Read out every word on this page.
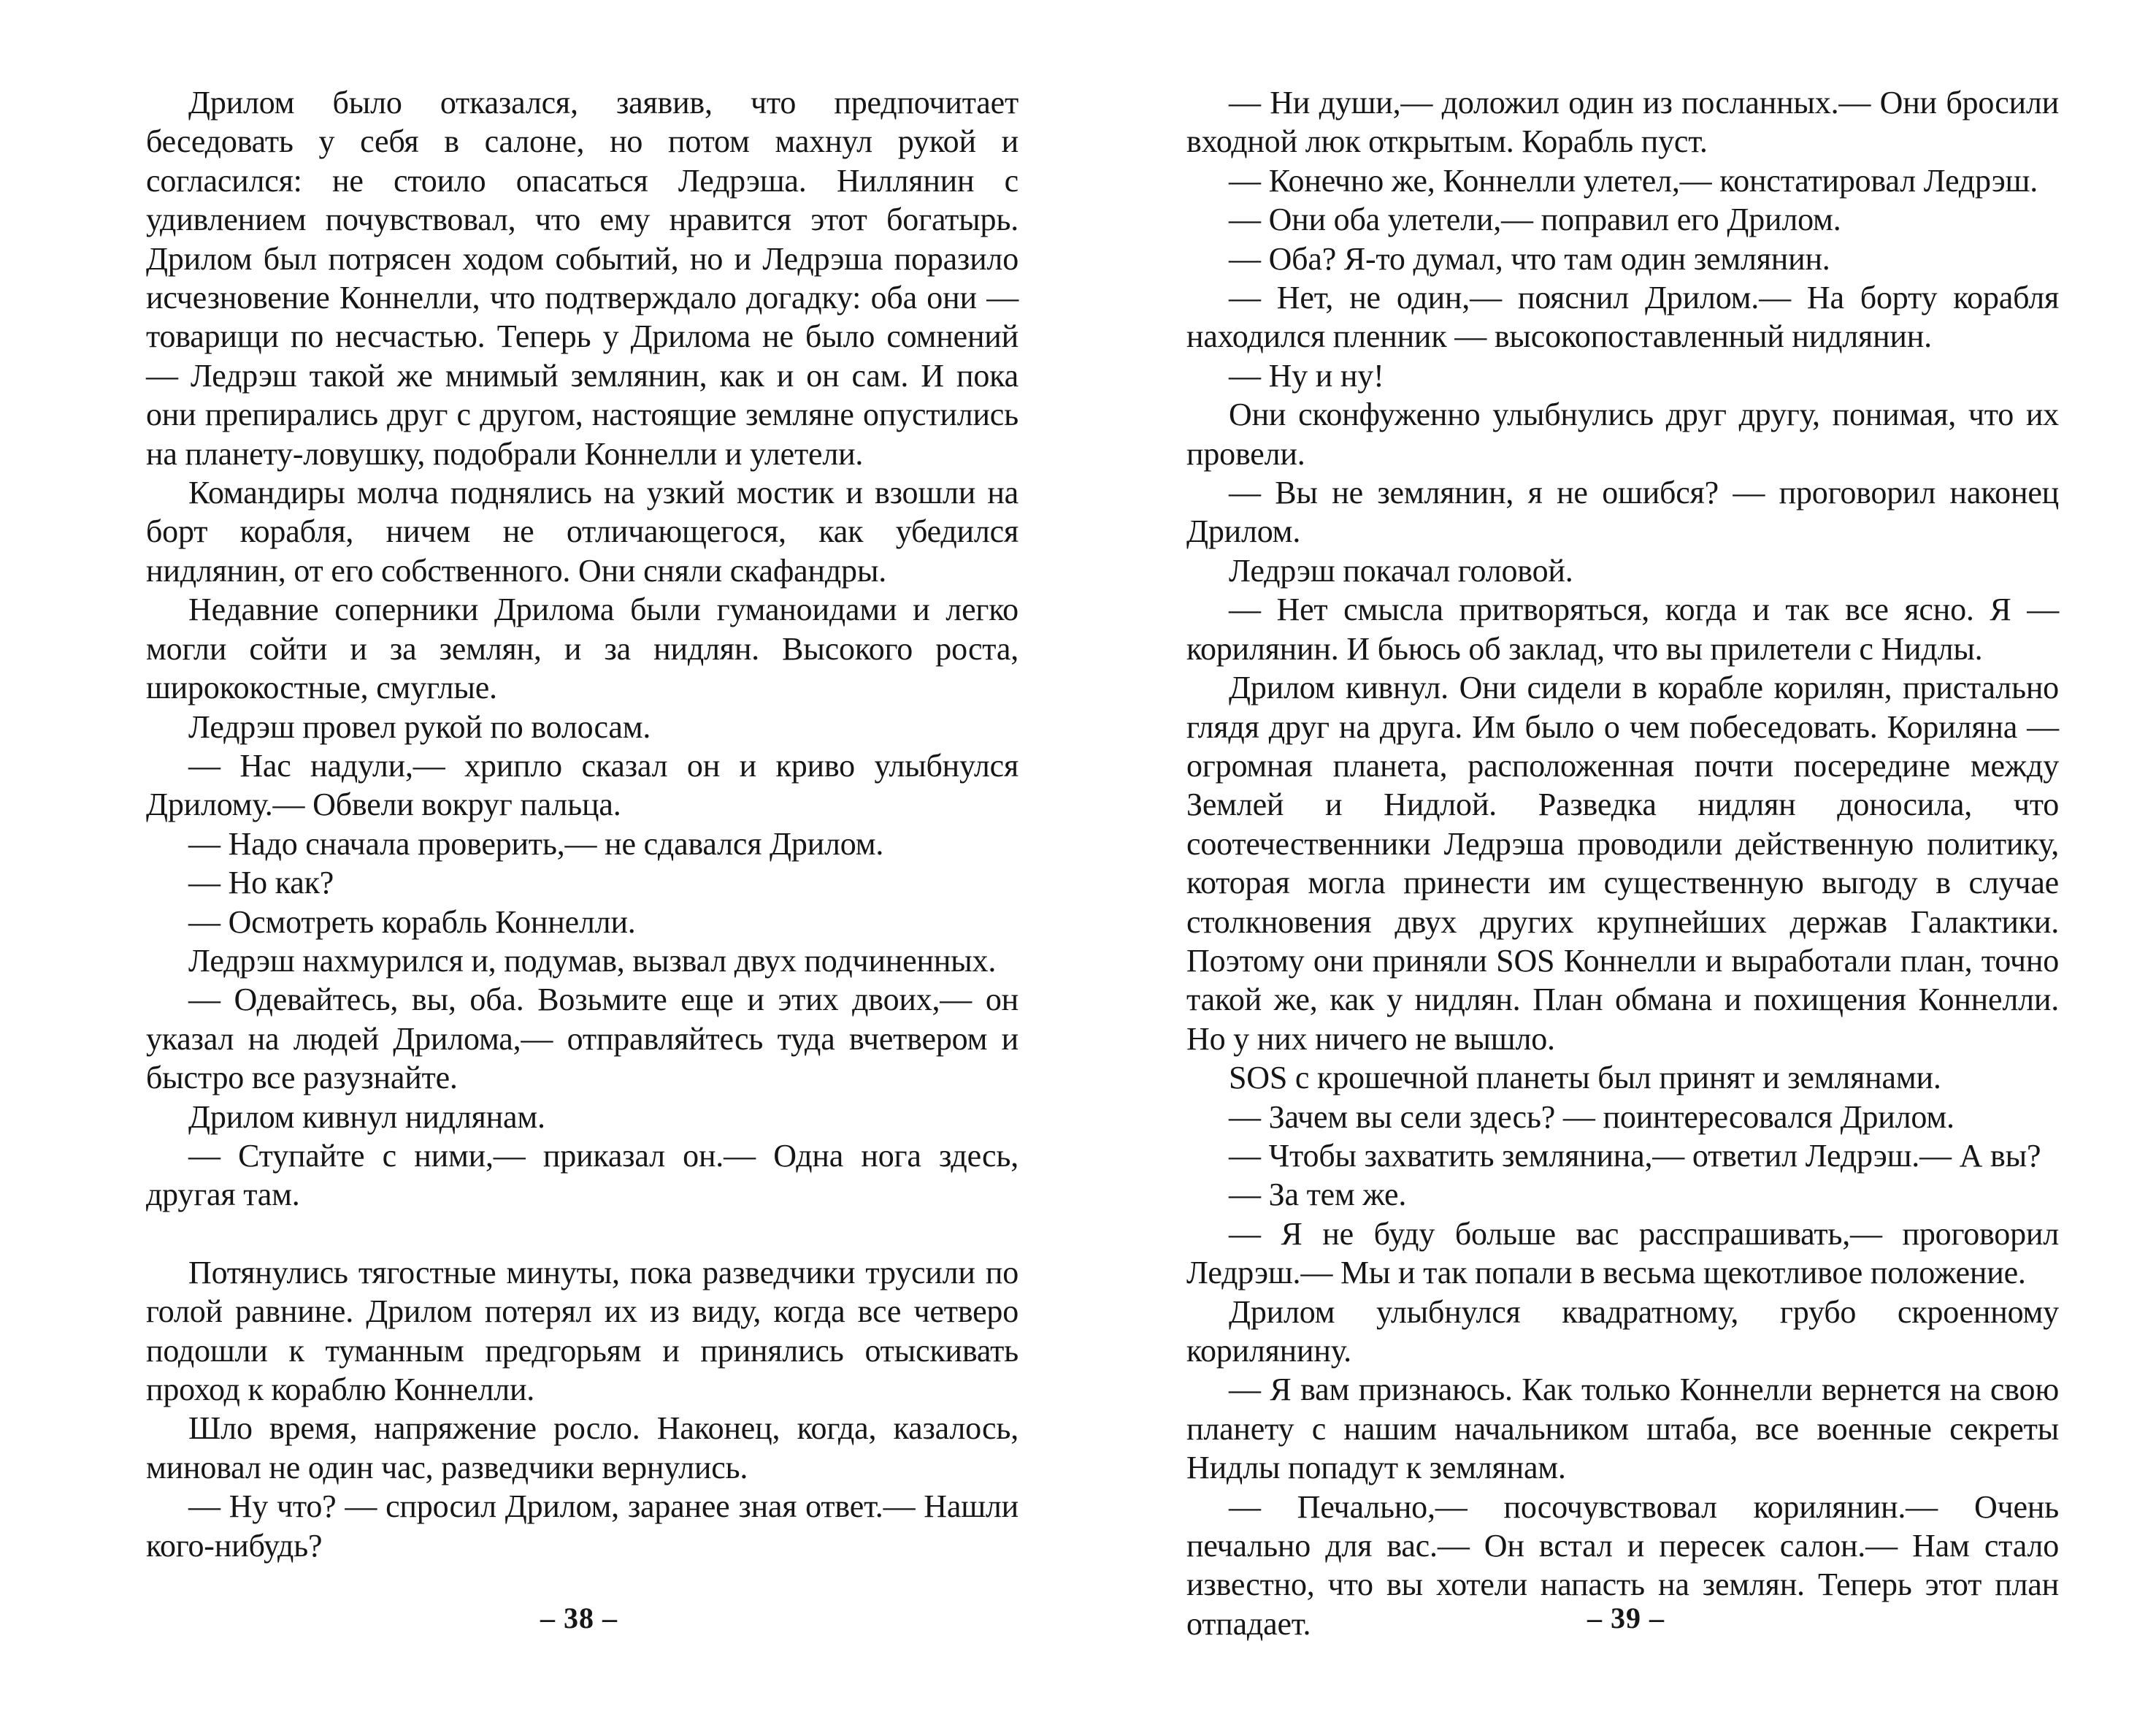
Дрилом было отказался, заявив, что предпочитает беседовать у себя в салоне, но потом махнул рукой и согласился: не стоило опасаться Ледрэша. Ниллянин с удивлением почувствовал, что ему нравится этот богатырь. Дрилом был потрясен ходом событий, но и Ледрэша поразило исчезновение Коннелли, что подтверждало догадку: оба они — товарищи по несчастью. Теперь у Дрилома не было сомнений — Ледрэш такой же мнимый землянин, как и он сам. И пока они препирались друг с другом, настоящие земляне опустились на планету-ловушку, подобрали Коннелли и улетели.

Командиры молча поднялись на узкий мостик и взошли на борт корабля, ничем не отличающегося, как убедился нидлянин, от его собственного. Они сняли скафандры.

Недавние соперники Дрилома были гуманоидами и легко могли сойти и за землян, и за нидлян. Высокого роста, ширококостные, смуглые.

Ледрэш провел рукой по волосам.

— Нас надули,— хрипло сказал он и криво улыбнулся Дрилому.— Обвели вокруг пальца.

— Надо сначала проверить,— не сдавался Дрилом.

— Но как?

— Осмотреть корабль Коннелли.

Ледрэш нахмурился и, подумав, вызвал двух подчиненных.

— Одевайтесь, вы, оба. Возьмите еще и этих двоих,— он указал на людей Дрилома,— отправляйтесь туда вчетвером и быстро все разузнайте.

Дрилом кивнул нидлянам.

— Ступайте с ними,— приказал он.— Одна нога здесь, другая там.

Потянулись тягостные минуты, пока разведчики трусили по голой равнине. Дрилом потерял их из виду, когда все четверо подошли к туманным предгорьям и принялись отыскивать проход к кораблю Коннелли.

Шло время, напряжение росло. Наконец, когда, казалось, миновал не один час, разведчики вернулись.

— Ну что? — спросил Дрилом, заранее зная ответ.— Нашли кого-нибудь?

— Ни души,— доложил один из посланных.— Они бросили входной люк открытым. Корабль пуст.

— Конечно же, Коннелли улетел,— констатировал Ледрэш.

— Они оба улетели,— поправил его Дрилом.

— Оба? Я-то думал, что там один землянин.

— Нет, не один,— пояснил Дрилом.— На борту корабля находился пленник — высокопоставленный нидлянин.

— Ну и ну!

Они сконфуженно улыбнулись друг другу, понимая, что их провели.

— Вы не землянин, я не ошибся? — проговорил наконец Дрилом.

Ледрэш покачал головой.

— Нет смысла притворяться, когда и так все ясно. Я — корилянин. И бьюсь об заклад, что вы прилетели с Нидлы.

Дрилом кивнул. Они сидели в корабле корилян, пристально глядя друг на друга. Им было о чем побеседовать. Кориляна — огромная планета, расположенная почти посередине между Землей и Нидлой. Разведка нидлян доносила, что соотечественники Ледрэша проводили действенную политику, которая могла принести им существенную выгоду в случае столкновения двух других крупнейших держав Галактики. Поэтому они приняли SOS Коннелли и выработали план, точно такой же, как у нидлян. План обмана и похищения Коннелли. Но у них ничего не вышло.

SOS с крошечной планеты был принят и землянами.

— Зачем вы сели здесь? — поинтересовался Дрилом.

— Чтобы захватить землянина,— ответил Ледрэш.— А вы?

— За тем же.

— Я не буду больше вас расспрашивать,— проговорил Ледрэш.— Мы и так попали в весьма щекотливое положение.

Дрилом улыбнулся квадратному, грубо скроенному корилянину.

— Я вам признаюсь. Как только Коннелли вернется на свою планету с нашим начальником штаба, все военные секреты Нидлы попадут к землянам.

— Печально,— посочувствовал корилянин.— Очень печально для вас.— Он встал и пересек салон.— Нам стало известно, что вы хотели напасть на землян. Теперь этот план отпадает.

– 38 –	– 39 –
